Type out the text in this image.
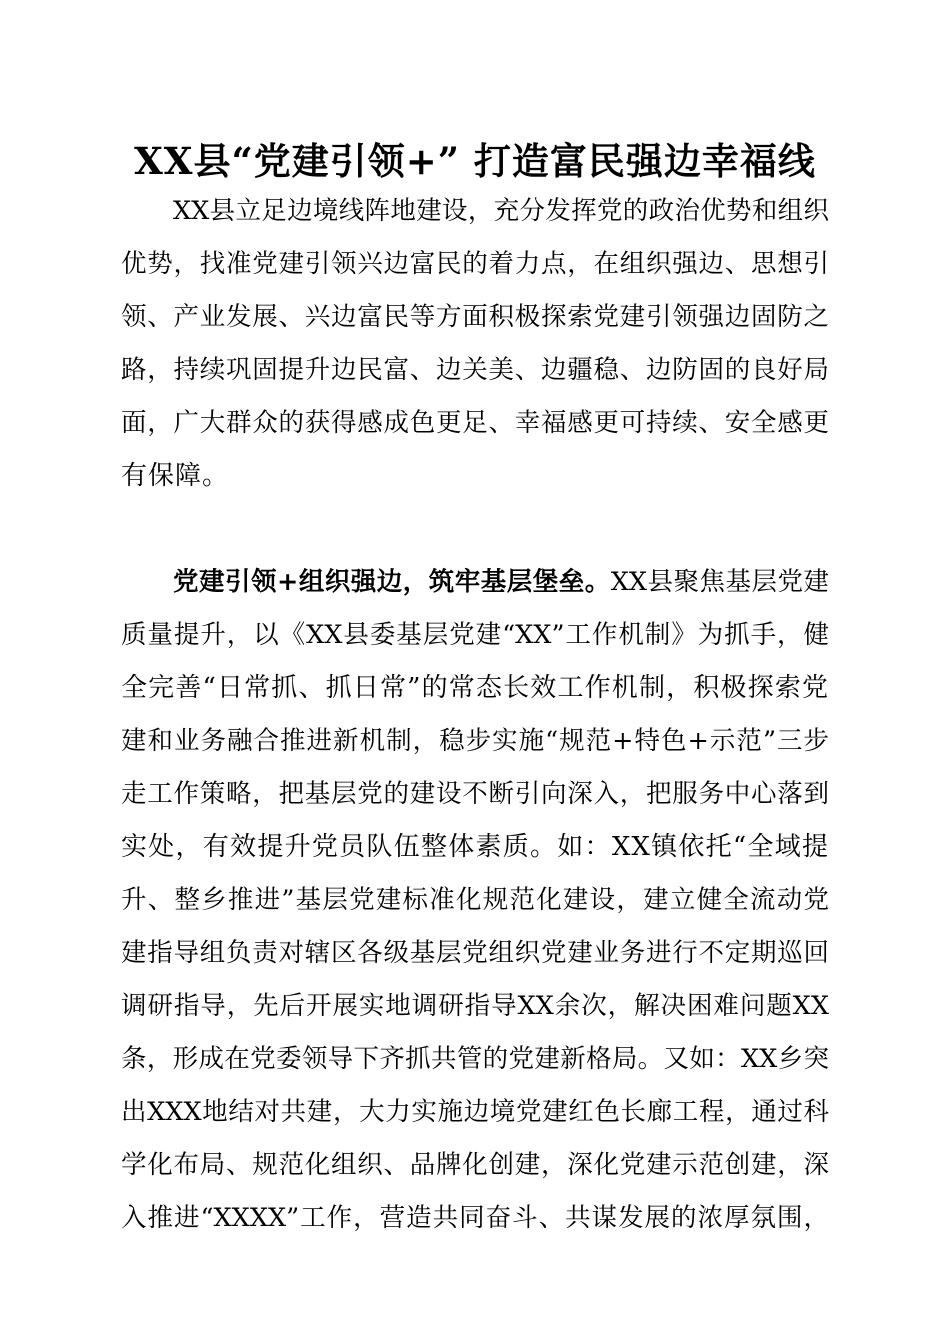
XX县“党建引领+” 打造富民强边幸福线
XX县立足边境线阵地建设，充分发挥党的政治优势和组织
优势，找准党建引领兴边富民的着力点，在组织强边、思想引
领、产业发展、兴边富民等方面积极探索党建引领强边固防之
路，持续巩固提升边民富、边关美、边疆稳、边防固的良好局
面，广大群众的获得感成色更足、幸福感更可持续、安全感更
有保障。
党建引领+组织强边，筑牢基层堡垒。XX县聚焦基层党建
质量提升，以《XX县委基层党建“XX”工作机制》为抓手，健
全完善“日常抓、抓日常”的常态长效工作机制，积极探索党
建和业务融合推进新机制，稳步实施“规范+特色+示范”三步
走工作策略，把基层党的建设不断引向深入，把服务中心落到
实处，有效提升党员队伍整体素质。如：XX镇依托“全域提
升、整乡推进”基层党建标准化规范化建设，建立健全流动党
建指导组负责对辖区各级基层党组织党建业务进行不定期巡回
调研指导，先后开展实地调研指导XX余次，解决困难问题XX
条，形成在党委领导下齐抓共管的党建新格局。又如：XX乡突
出XXX地结对共建，大力实施边境党建红色长廊工程，通过科
学化布局、规范化组织、品牌化创建，深化党建示范创建，深
入推进“XXXX”工作，营造共同奋斗、共谋发展的浓厚氛围，
